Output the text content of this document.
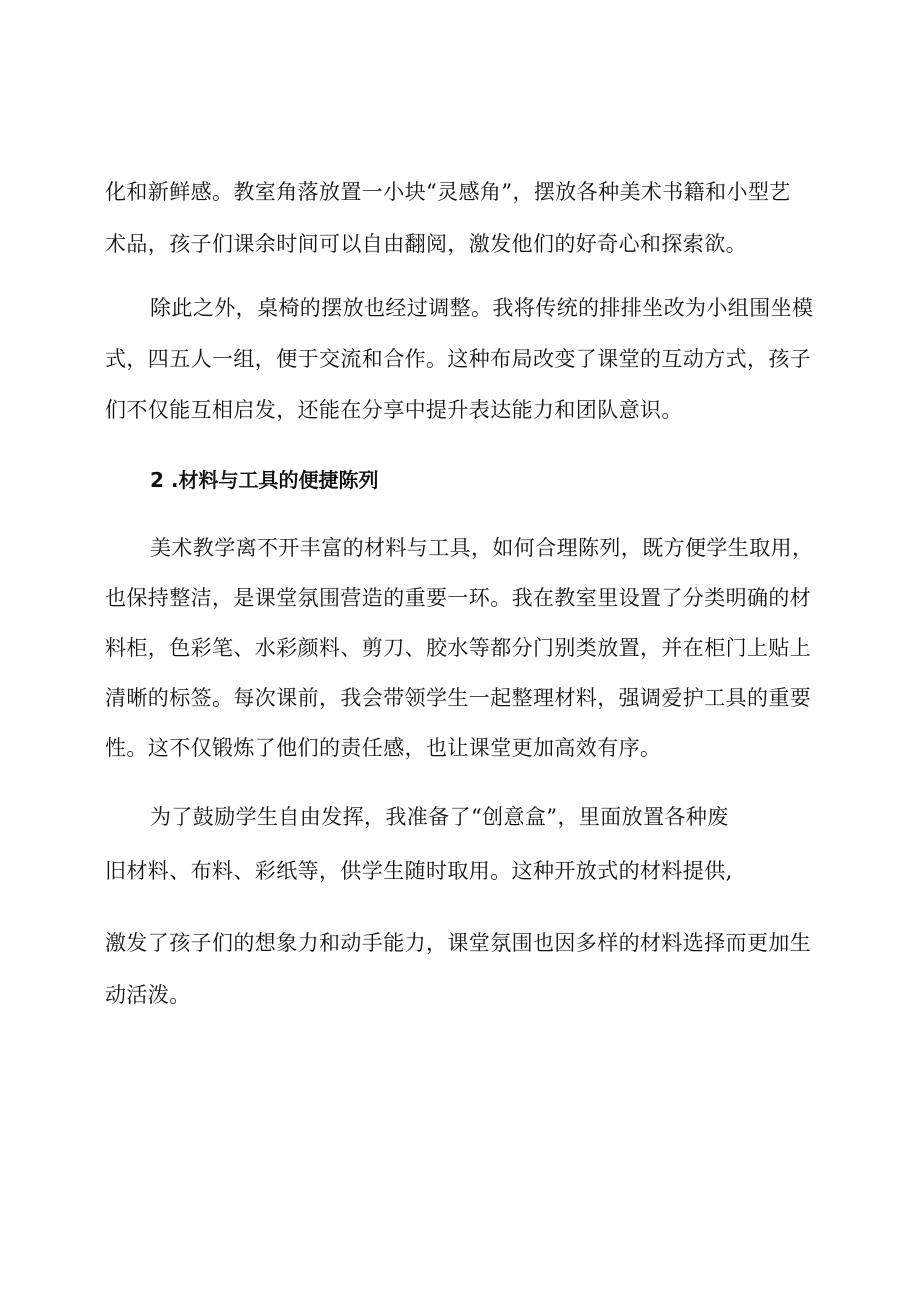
化和新鲜感。教室角落放置一小块“灵感角”，摆放各种美术书籍和小型艺
术品，孩子们课余时间可以自由翻阅，激发他们的好奇心和探索欲。
除此之外，桌椅的摆放也经过调整。我将传统的排排坐改为小组围坐模
式，四五人一组，便于交流和合作。这种布局改变了课堂的互动方式，孩子
们不仅能互相启发，还能在分享中提升表达能力和团队意识。
2 .材料与工具的便捷陈列
美术教学离不开丰富的材料与工具，如何合理陈列，既方便学生取用，
也保持整洁，是课堂氛围营造的重要一环。我在教室里设置了分类明确的材
料柜，色彩笔、水彩颜料、剪刀、胶水等都分门别类放置，并在柜门上贴上
清晰的标签。每次课前，我会带领学生一起整理材料，强调爱护工具的重要
性。这不仅锻炼了他们的责任感，也让课堂更加高效有序。
为了鼓励学生自由发挥，我准备了“创意盒”，里面放置各种废
旧材料、布料、彩纸等，供学生随时取用。这种开放式的材料提供,
激发了孩子们的想象力和动手能力，课堂氛围也因多样的材料选择而更加生
动活泼。
